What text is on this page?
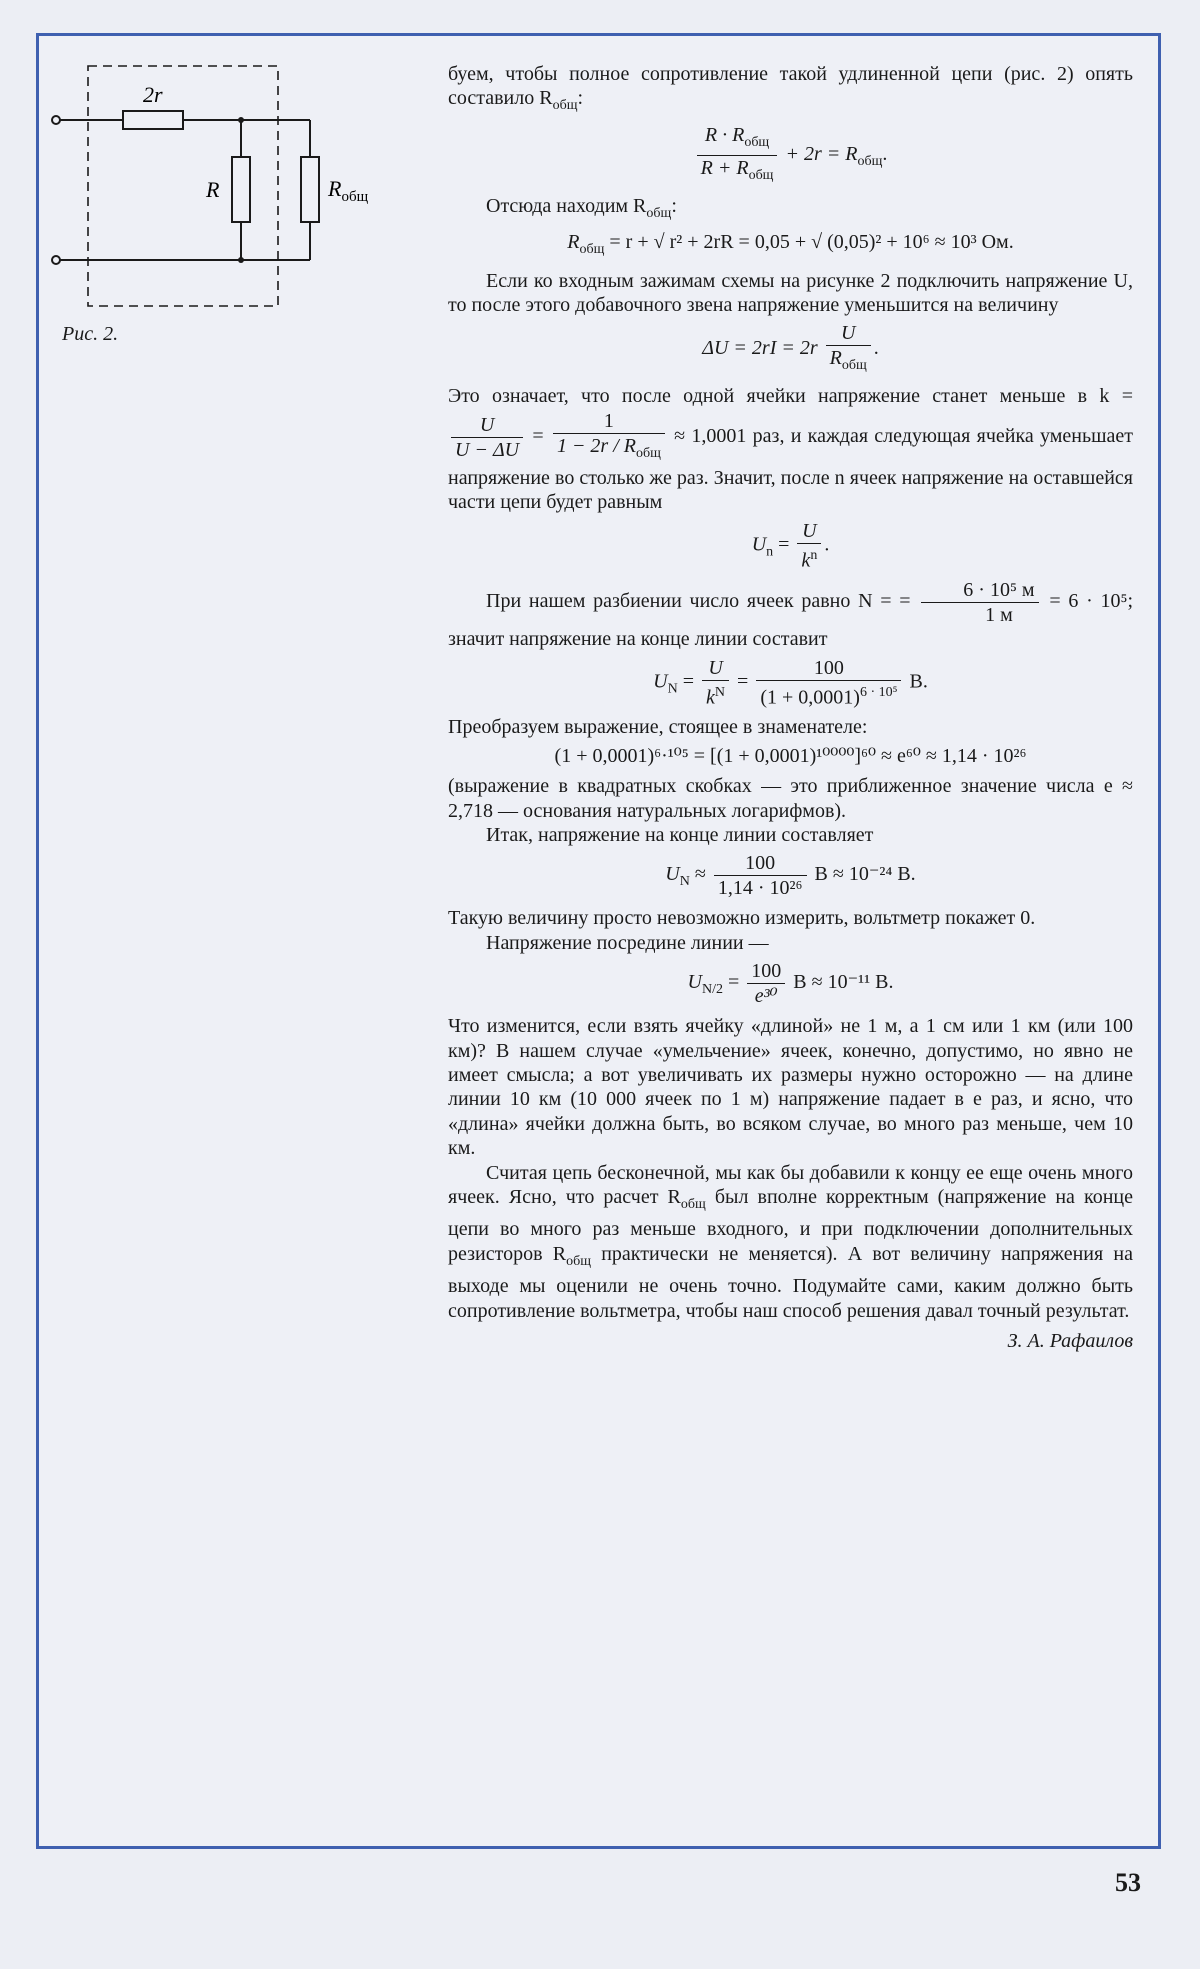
2r
R	$R_{общ}$
Рис. 2.

буем, чтобы полное сопротивление такой удлиненной цепи (рис. 2) опять составило $R_{общ}$:

$\frac{R \cdot R_{общ}}{R + R_{общ}} + 2r = R_{общ}$.

Отсюда находим $R_{общ}$:

$R_{общ} = r$ + √ r² + 2rR = 0,05 + √ (0,05)² + 10⁶ ≈ 10³ Ом.

Если ко входным зажимам схемы на рисунке 2 подключить напряжение U, то после этого добавочного звена напряжение уменьшится на величину

$\Delta U = 2rI = 2r \frac{U}{R_{общ}}$ .

Это означает, что после одной ячейки напряжение станет меньше в k =
$\frac{U}{U - \Delta U} = \frac{1}{1 - 2r / R_{общ}} \approx 1,0001$ раз, и каждая следующая ячейка уменьшает напряжение во столько же раз. Значит, после n ячеек напряжение на оставшейся части цепи будет равным

$U_n = \frac{U}{k^n}$ .

При нашем разбиении число ячеек равно N = = $\frac{\text{6 · 10⁵ м}}{1 м} = 6 \cdot 10^5$; значит напряжение на конце линии составит

$U_N = \frac{U}{k^N} = \frac{100}{(1 + 0,0001)^{6 \cdot 10^5}} В$.

Преобразуем выражение, стоящее в знаменателе:

(1 + 0,0001)⁶·¹⁰⁵ = [(1 + 0,0001)¹⁰⁰⁰⁰]⁶⁰ ≈ e⁶⁰ ≈ 1,14 · 10²⁶

(выражение в квадратных скобках — это приближенное значение числа e ≈ 2,718 — основания натуральных логарифмов).

Итак, напряжение на конце линии составляет

$U_N \approx \frac{100}{\text{1,14 · 10²⁶}}$ В ≈ 10⁻²⁴ В.

Такую величину просто невозможно измерить, вольтметр покажет 0.

Напряжение посредине линии —

$U_{N/2} = \frac{100}{\text{e³⁰}}$ В ≈ 10⁻¹¹ В.

Что изменится, если взять ячейку «длиной» не 1 м, а 1 см или 1 км (или 100 км)? В нашем случае «умельчение» ячеек, конечно, допустимо, но явно не имеет смысла; а вот увеличивать их размеры нужно осторожно — на длине линии 10 км (10 000 ячеек по 1 м) напряжение падает в e раз, и ясно, что «длина» ячейки должна быть, во всяком случае, во много раз меньше, чем 10 км.

Считая цепь бесконечной, мы как бы добавили к концу ее еще очень много ячеек. Ясно, что расчет $R_{общ}$ был вполне корректным (напряжение на конце цепи во много раз меньше входного, и при подключении дополнительных резисторов $R_{общ}$ практически не меняется). А вот величину напряжения на выходе мы оценили не очень точно. Подумайте сами, каким должно быть сопротивление вольтметра, чтобы наш способ решения давал точный результат.

З. А. Рафаилов
53
